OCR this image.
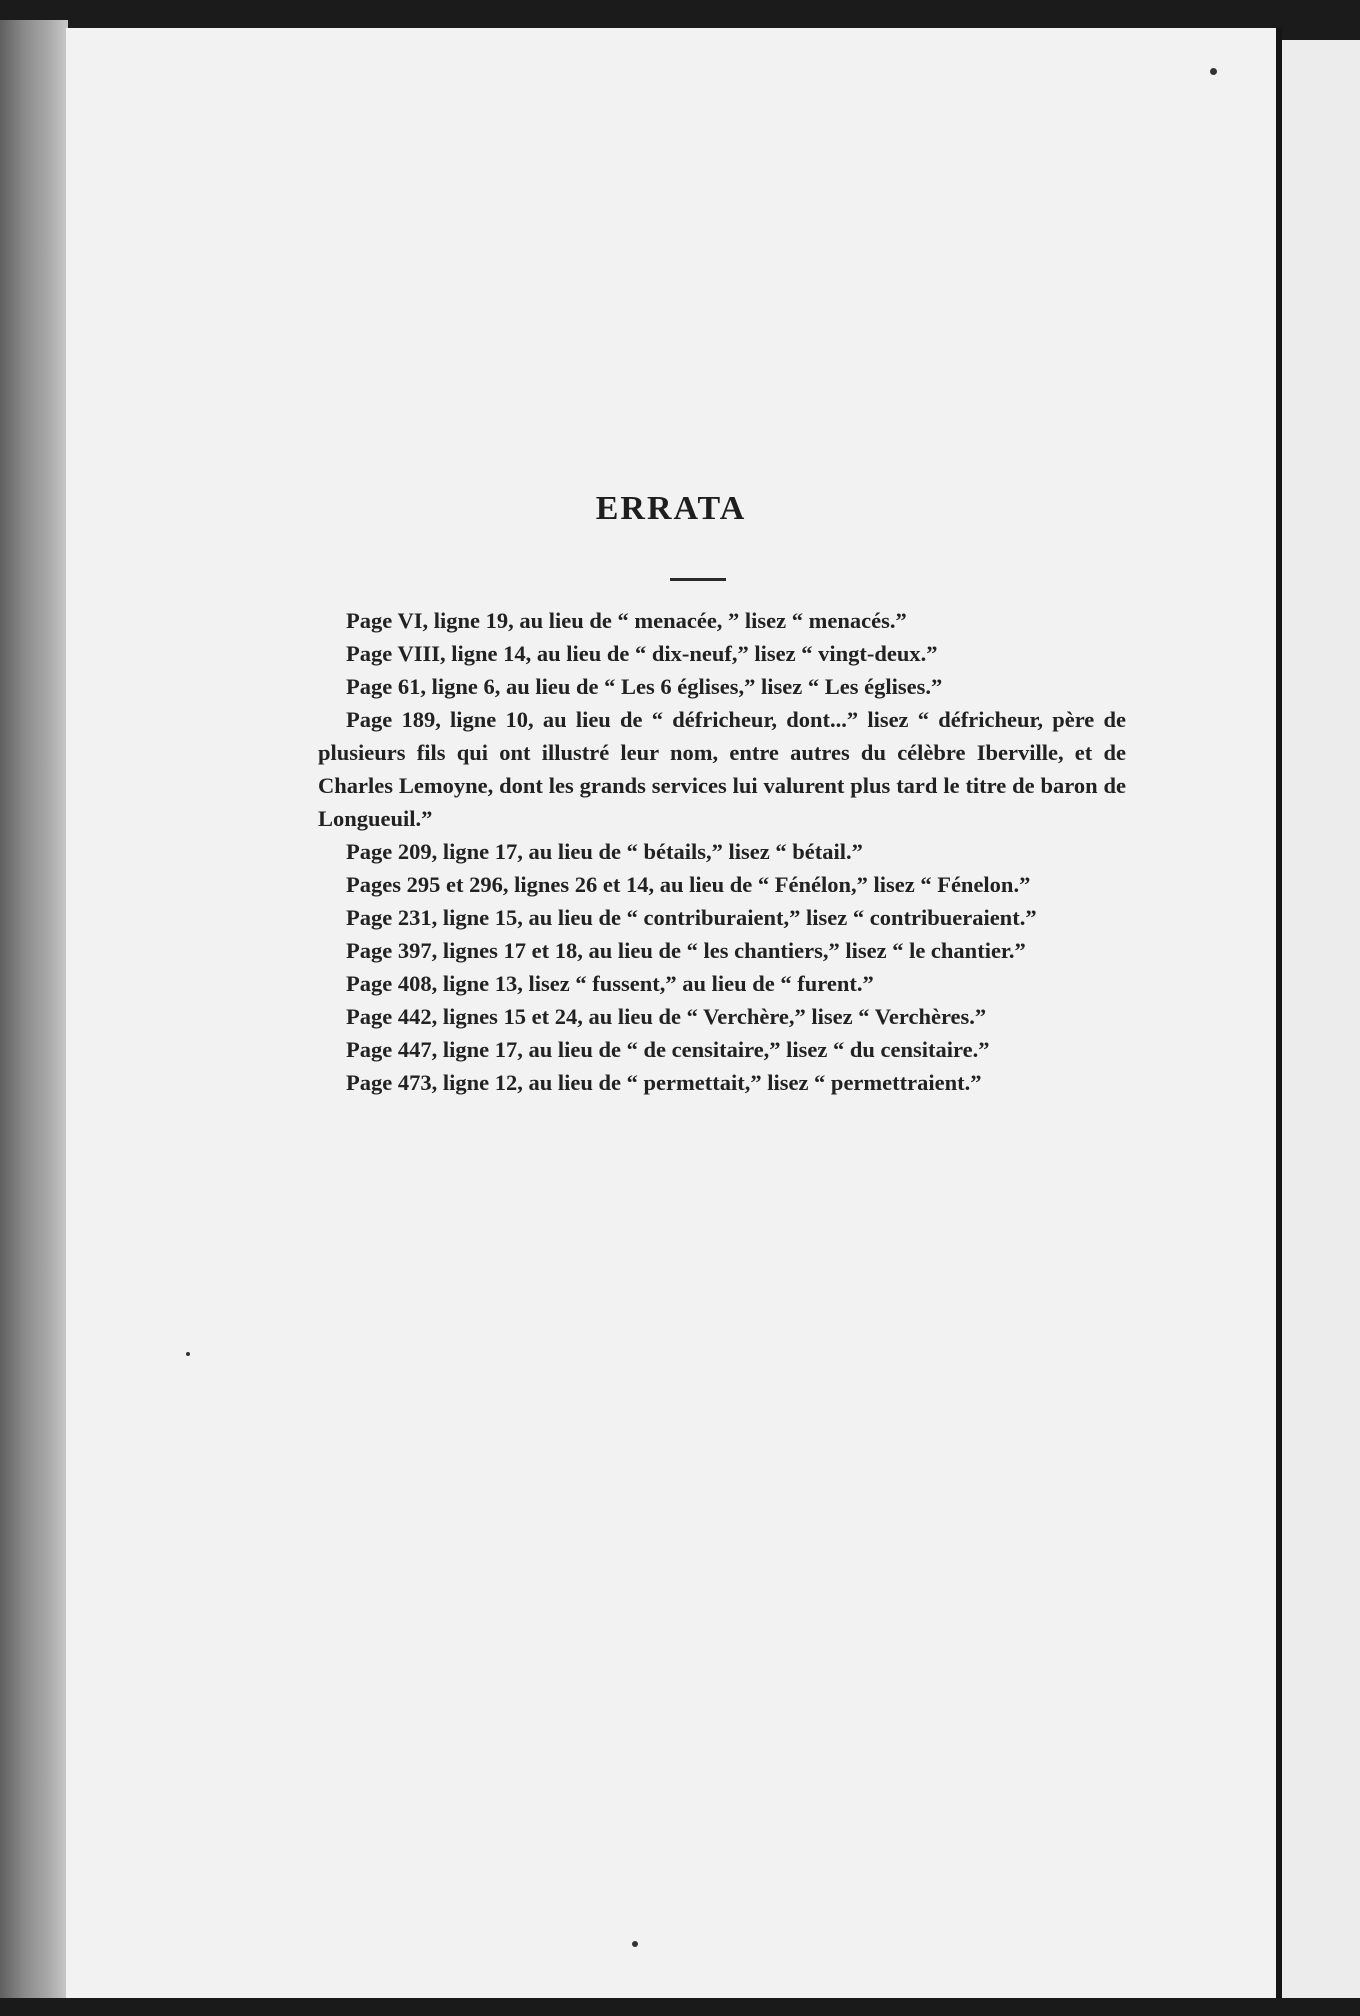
ERRATA

Page VI, ligne 19, au lieu de “ menacée, ” lisez “ menacés.”

Page VIII, ligne 14, au lieu de “ dix-neuf,” lisez “ vingt-deux.”

Page 61, ligne 6, au lieu de “ Les 6 églises,” lisez “ Les églises.”

Page 189, ligne 10, au lieu de “ défricheur, dont...” lisez “ défricheur, père de plusieurs fils qui ont illustré leur nom, entre autres du célèbre Iberville, et de Charles Lemoyne, dont les grands services lui valurent plus tard le titre de baron de Longueuil.”

Page 209, ligne 17, au lieu de “ bétails,” lisez “ bétail.”

Pages 295 et 296, lignes 26 et 14, au lieu de “ Fénélon,” lisez “ Fénelon.”

Page 231, ligne 15, au lieu de “ contriburaient,” lisez “ contribueraient.”

Page 397, lignes 17 et 18, au lieu de “ les chantiers,” lisez “ le chantier.”

Page 408, ligne 13, lisez “ fussent,” au lieu de “ furent.”

Page 442, lignes 15 et 24, au lieu de “ Verchère,” lisez “ Verchères.”

Page 447, ligne 17, au lieu de “ de censitaire,” lisez “ du censitaire.”

Page 473, ligne 12, au lieu de “ permettait,” lisez “ permettraient.”
